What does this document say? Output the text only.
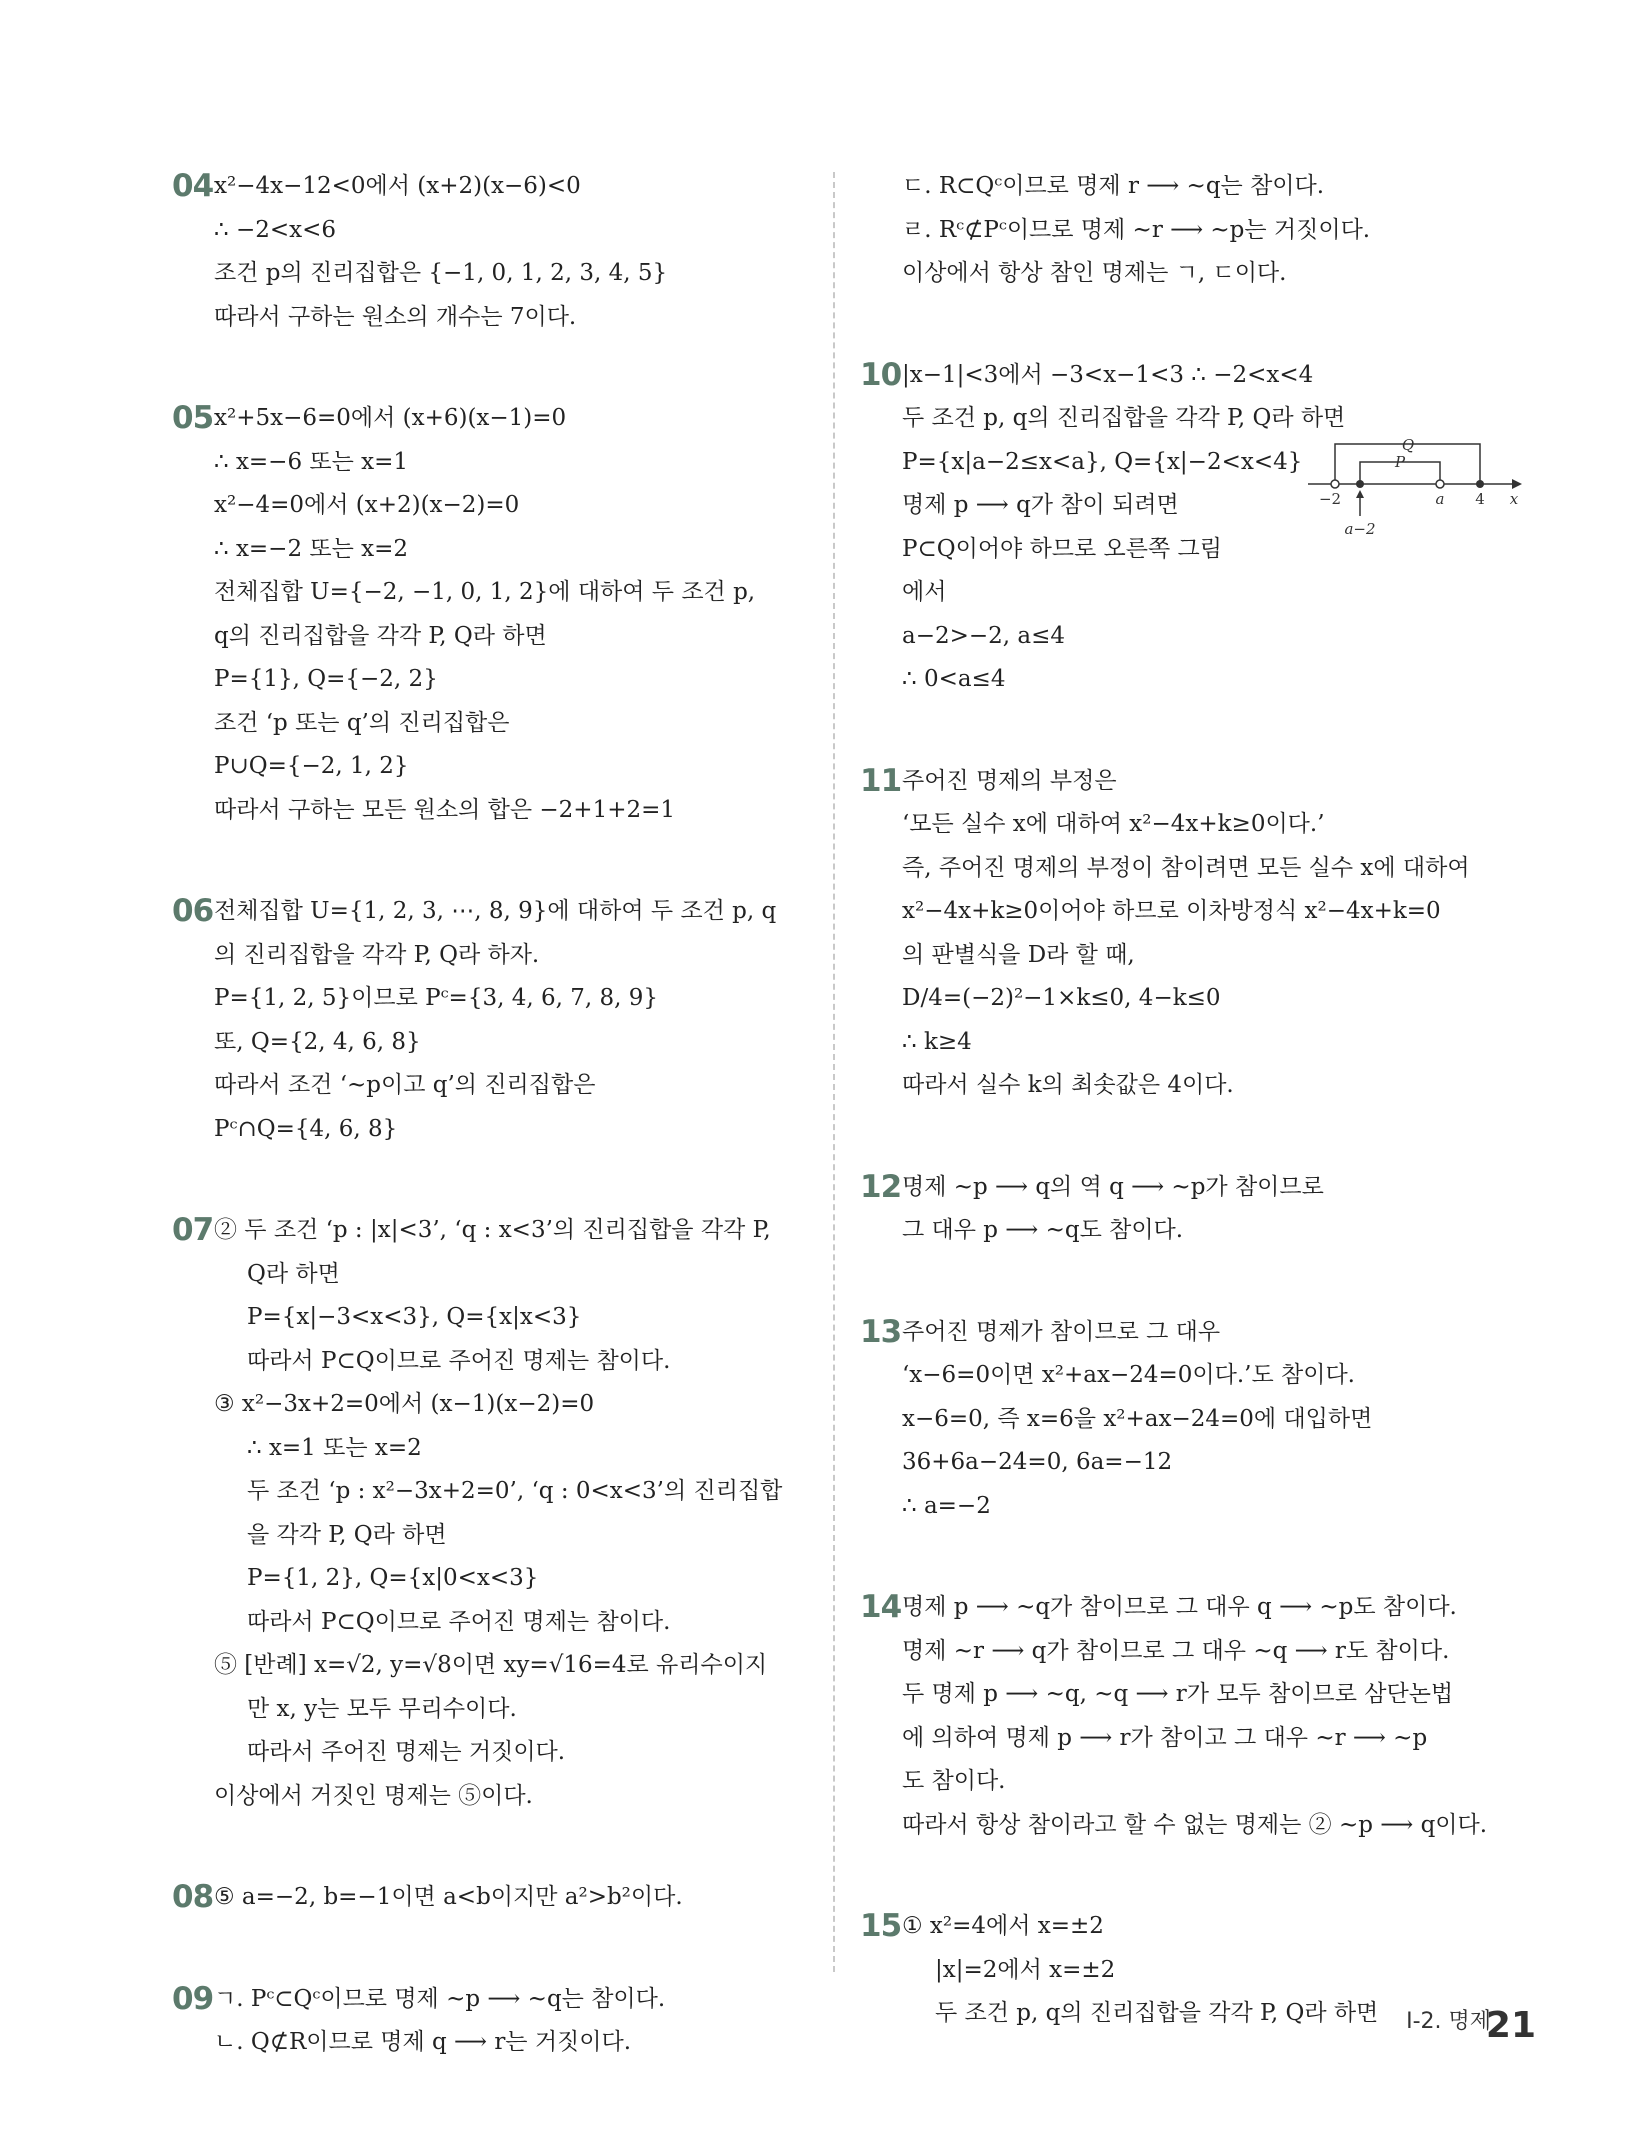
04 x²−4x−12<0에서 (x+2)(x−6)<0
∴ −2<x<6
조건 p의 진리집합은 {−1, 0, 1, 2, 3, 4, 5}
따라서 구하는 원소의 개수는 7이다.
05 x²+5x−6=0에서 (x+6)(x−1)=0
∴ x=−6 또는 x=1
x²−4=0에서 (x+2)(x−2)=0
∴ x=−2 또는 x=2
전체집합 U={−2, −1, 0, 1, 2}에 대하여 두 조건 p,
q의 진리집합을 각각 P, Q라 하면
P={1}, Q={−2, 2}
조건 ‘p 또는 q’의 진리집합은
P∪Q={−2, 1, 2}
따라서 구하는 모든 원소의 합은 −2+1+2=1
06 전체집합 U={1, 2, 3, ⋯, 8, 9}에 대하여 두 조건 p, q
의 진리집합을 각각 P, Q라 하자.
P={1, 2, 5}이므로 Pᶜ={3, 4, 6, 7, 8, 9}
또, Q={2, 4, 6, 8}
따라서 조건 ‘~p이고 q’의 진리집합은
Pᶜ∩Q={4, 6, 8}
07 ② 두 조건 ‘p : |x|<3’, ‘q : x<3’의 진리집합을 각각 P,
Q라 하면
P={x|−3<x<3}, Q={x|x<3}
따라서 P⊂Q이므로 주어진 명제는 참이다.
③ x²−3x+2=0에서 (x−1)(x−2)=0
∴ x=1 또는 x=2
두 조건 ‘p : x²−3x+2=0’, ‘q : 0<x<3’의 진리집합
을 각각 P, Q라 하면
P={1, 2}, Q={x|0<x<3}
따라서 P⊂Q이므로 주어진 명제는 참이다.
⑤ [반례] x=√2, y=√8이면 xy=√16=4로 유리수이지
만 x, y는 모두 무리수이다.
따라서 주어진 명제는 거짓이다.
이상에서 거짓인 명제는 ⑤이다.
08 ⑤ a=−2, b=−1이면 a<b이지만 a²>b²이다.
09 ㄱ. Pᶜ⊂Qᶜ이므로 명제 ~p ⟶ ~q는 참이다.
ㄴ. Q⊄R이므로 명제 q ⟶ r는 거짓이다.
ㄷ. R⊂Qᶜ이므로 명제 r ⟶ ~q는 참이다.
ㄹ. Rᶜ⊄Pᶜ이므로 명제 ~r ⟶ ~p는 거짓이다.
이상에서 항상 참인 명제는 ㄱ, ㄷ이다.
10 |x−1|<3에서 −3<x−1<3 ∴ −2<x<4
두 조건 p, q의 진리집합을 각각 P, Q라 하면
P={x|a−2≤x<a}, Q={x|−2<x<4}
명제 p ⟶ q가 참이 되려면
P⊂Q이어야 하므로 오른쪽 그림
에서
a−2>−2, a≤4
∴ 0<a≤4
Q
P
−2	a 4 x
a−2
11 주어진 명제의 부정은
‘모든 실수 x에 대하여 x²−4x+k≥0이다.’
즉, 주어진 명제의 부정이 참이려면 모든 실수 x에 대하여
x²−4x+k≥0이어야 하므로 이차방정식 x²−4x+k=0
의 판별식을 D라 할 때,
D/4=(−2)²−1×k≤0, 4−k≤0
∴ k≥4
따라서 실수 k의 최솟값은 4이다.
12 명제 ~p ⟶ q의 역 q ⟶ ~p가 참이므로
그 대우 p ⟶ ~q도 참이다.
13 주어진 명제가 참이므로 그 대우
‘x−6=0이면 x²+ax−24=0이다.’도 참이다.
x−6=0, 즉 x=6을 x²+ax−24=0에 대입하면
36+6a−24=0, 6a=−12
∴ a=−2
14 명제 p ⟶ ~q가 참이므로 그 대우 q ⟶ ~p도 참이다.
명제 ~r ⟶ q가 참이므로 그 대우 ~q ⟶ r도 참이다.
두 명제 p ⟶ ~q, ~q ⟶ r가 모두 참이므로 삼단논법
에 의하여 명제 p ⟶ r가 참이고 그 대우 ~r ⟶ ~p
도 참이다.
따라서 항상 참이라고 할 수 없는 명제는 ② ~p ⟶ q이다.
15 ① x²=4에서 x=±2
|x|=2에서 x=±2
두 조건 p, q의 진리집합을 각각 P, Q라 하면	I-2. 명제
21
